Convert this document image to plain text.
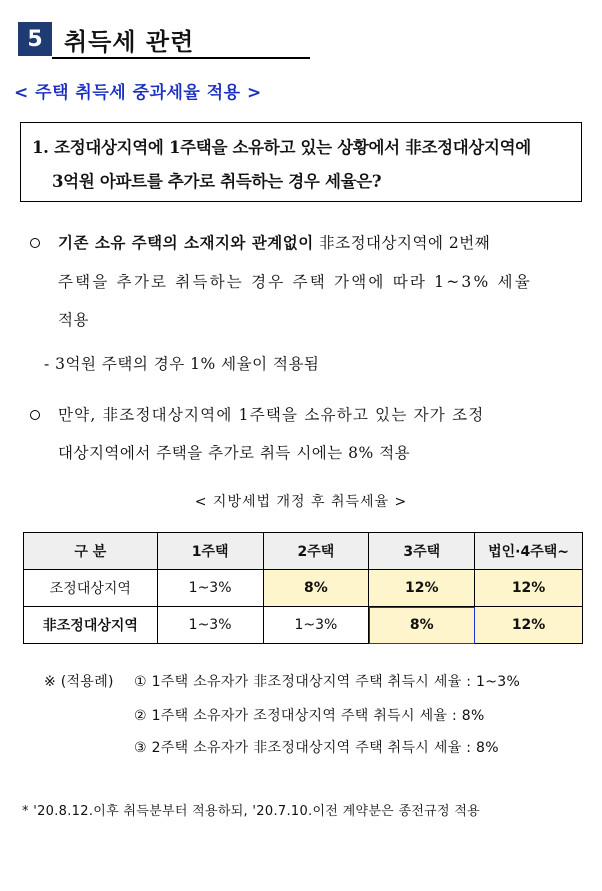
5 취득세 관련
< 주택 취득세 중과세율 적용 >
1. 조정대상지역에 1주택을 소유하고 있는 상황에서 非조정대상지역에
3억원 아파트를 추가로 취득하는 경우 세율은?
기존 소유 주택의 소재지와 관계없이 非조정대상지역에 2번째
주택을 추가로 취득하는 경우 주택 가액에 따라 1~3% 세율
적용
- 3억원 주택의 경우 1% 세율이 적용됨
만약, 非조정대상지역에 1주택을 소유하고 있는 자가 조정
대상지역에서 주택을 추가로 취득 시에는 8% 적용
< 지방세법 개정 후 취득세율 >
구 분	1주택	2주택	3주택	법인·4주택~
조정대상지역	1~3%	8%	12%	12%
非조정대상지역	1~3%	1~3%	8%	12%
※ (적용례) ① 1주택 소유자가 非조정대상지역 주택 취득시 세율 : 1~3%
② 1주택 소유자가 조정대상지역 주택 취득시 세율 : 8%
③ 2주택 소유자가 非조정대상지역 주택 취득시 세율 : 8%
* '20.8.12.이후 취득분부터 적용하되, '20.7.10.이전 계약분은 종전규정 적용
